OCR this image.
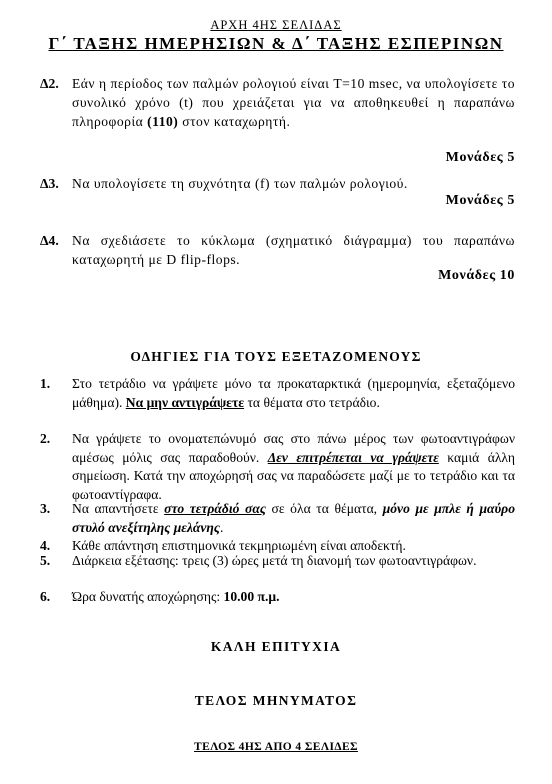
ΑΡΧΗ 4ΗΣ ΣΕΛΙΔΑΣ
Γ΄ ΤΑΞΗΣ ΗΜΕΡΗΣΙΩΝ & Δ΄ ΤΑΞΗΣ ΕΣΠΕΡΙΝΩΝ
Δ2. Εάν η περίοδος των παλμών ρολογιού είναι T=10 msec, να υπολογίσετε το συνολικό χρόνο (t) που χρειάζεται για να αποθηκευθεί η παραπάνω πληροφορία (110) στον καταχωρητή.
Μονάδες 5
Δ3. Να υπολογίσετε τη συχνότητα (f) των παλμών ρολογιού.
Μονάδες 5
Δ4. Να σχεδιάσετε το κύκλωμα (σχηματικό διάγραμμα) του παραπάνω καταχωρητή με D flip-flops.
Μονάδες 10
ΟΔΗΓΙΕΣ ΓΙΑ ΤΟΥΣ ΕΞΕΤΑΖΟΜΕΝΟΥΣ
1.	Στο τετράδιο να γράψετε μόνο τα προκαταρκτικά (ημερομηνία, εξεταζόμενο μάθημα). Να μην αντιγράψετε τα θέματα στο τετράδιο.
2.	Να γράψετε το ονοματεπώνυμό σας στο πάνω μέρος των φωτοαντιγράφων αμέσως μόλις σας παραδοθούν. Δεν επιτρέπεται να γράψετε καμιά άλλη σημείωση. Κατά την αποχώρησή σας να παραδώσετε μαζί με το τετράδιο και τα φωτοαντίγραφα.
3.	Να απαντήσετε στο τετράδιό σας σε όλα τα θέματα, μόνο με μπλε ή μαύρο στυλό ανεξίτηλης μελάνης.
4.	Κάθε απάντηση επιστημονικά τεκμηριωμένη είναι αποδεκτή.
5.	Διάρκεια εξέτασης: τρεις (3) ώρες μετά τη διανομή των φωτοαντιγράφων.
6.	Ώρα δυνατής αποχώρησης: 10.00 π.μ.
ΚΑΛΗ ΕΠΙΤΥΧΙΑ
ΤΕΛΟΣ ΜΗΝΥΜΑΤΟΣ
ΤΕΛΟΣ 4ΗΣ ΑΠΟ 4 ΣΕΛΙΔΕΣ
